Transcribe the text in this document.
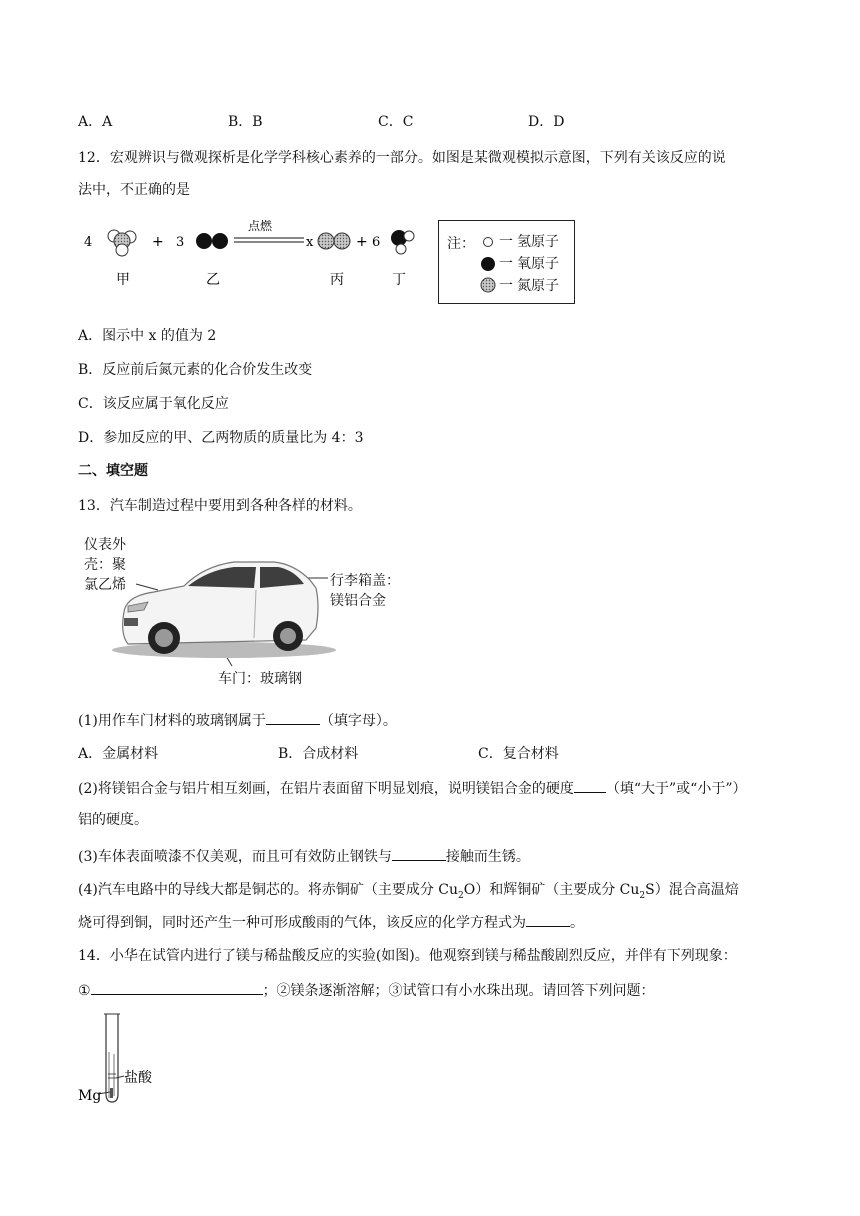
A．A	B．B	C．C	D．D
12．宏观辨识与微观探析是化学学科核心素养的一部分。如图是某微观模拟示意图，下列有关该反应的说
法中，不正确的是
4	+ 3
点燃
x	+ 6
甲	乙	丙	丁
注： 一 氢原子
一 氧原子
一 氮原子
A．图示中 x 的值为 2
B．反应前后氮元素的化合价发生改变
C．该反应属于氧化反应
D．参加反应的甲、乙两物质的质量比为 4：3
二、填空题
13．汽车制造过程中要用到各种各样的材料。
仪表外
壳：聚
氯乙烯	行李箱盖：
镁铝合金
车门：玻璃钢
(1)用作车门材料的玻璃钢属于	（填字母）。
A．金属材料	B．合成材料	C．复合材料
(2)将镁铝合金与铝片相互刻画，在铝片表面留下明显划痕，说明镁铝合金的硬度 （填“大于”或“小于”）
铝的硬度。
(3)车体表面喷漆不仅美观，而且可有效防止钢铁与	接触而生锈。
(4)汽车电路中的导线大都是铜芯的。将赤铜矿（主要成分 $Cu_2O$）和辉铜矿（主要成分 $Cu_2S$）混合高温焙
烧可得到铜，同时还产生一种可形成酸雨的气体，该反应的化学方程式为	。
14．小华在试管内进行了镁与稀盐酸反应的实验(如图)。他观察到镁与稀盐酸剧烈反应，并伴有下列现象：
①	；②镁条逐渐溶解；③试管口有小水珠出现。请回答下列问题：
Mg
盐酸
